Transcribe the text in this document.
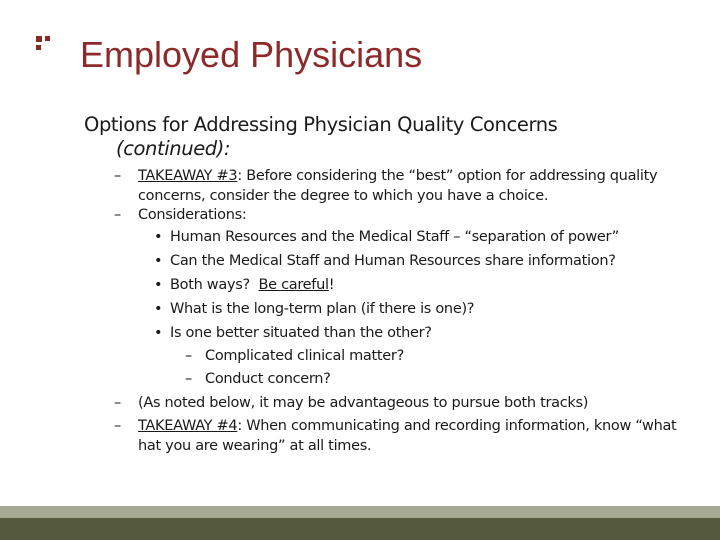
Employed Physicians
Options for Addressing Physician Quality Concerns
(continued):
– TAKEAWAY #3: Before considering the “best” option for addressing quality concerns, consider the degree to which you have a choice.
– Considerations:
• Human Resources and the Medical Staff – “separation of power”
• Can the Medical Staff and Human Resources share information?
• Both ways?  Be careful!
• What is the long-term plan (if there is one)?
• Is one better situated than the other?
– Complicated clinical matter?
– Conduct concern?
– (As noted below, it may be advantageous to pursue both tracks)
– TAKEAWAY #4: When communicating and recording information, know “what hat you are wearing” at all times.
